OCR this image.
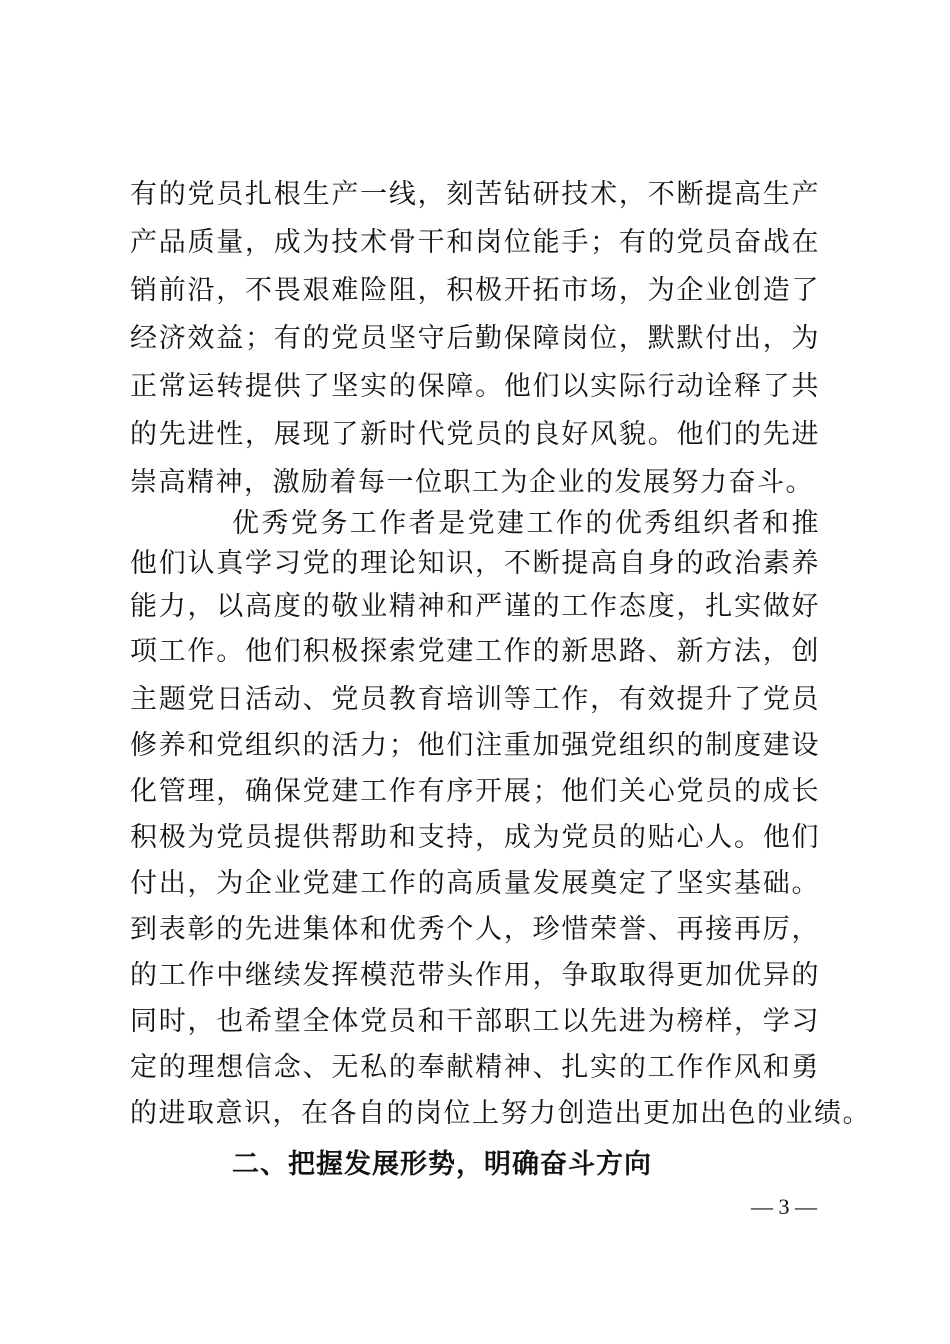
有的党员扎根生产一线，刻苦钻研技术，不断提高生产
产品质量，成为技术骨干和岗位能手；有的党员奋战在
销前沿，不畏艰难险阻，积极开拓市场，为企业创造了
经济效益；有的党员坚守后勤保障岗位，默默付出，为
正常运转提供了坚实的保障。他们以实际行动诠释了共
的先进性，展现了新时代党员的良好风貌。他们的先进
崇高精神，激励着每一位职工为企业的发展努力奋斗。
优秀党务工作者是党建工作的优秀组织者和推
他们认真学习党的理论知识，不断提高自身的政治素养
能力，以高度的敬业精神和严谨的工作态度，扎实做好
项工作。他们积极探索党建工作的新思路、新方法，创
主题党日活动、党员教育培训等工作，有效提升了党员
修养和党组织的活力；他们注重加强党组织的制度建设
化管理，确保党建工作有序开展；他们关心党员的成长
积极为党员提供帮助和支持，成为党员的贴心人。他们
付出，为企业党建工作的高质量发展奠定了坚实基础。
到表彰的先进集体和优秀个人，珍惜荣誉、再接再厉，
的工作中继续发挥模范带头作用，争取取得更加优异的
同时，也希望全体党员和干部职工以先进为榜样，学习
定的理想信念、无私的奉献精神、扎实的工作作风和勇
的进取意识，在各自的岗位上努力创造出更加出色的业绩。
二、把握发展形势，明确奋斗方向
— 3 —
